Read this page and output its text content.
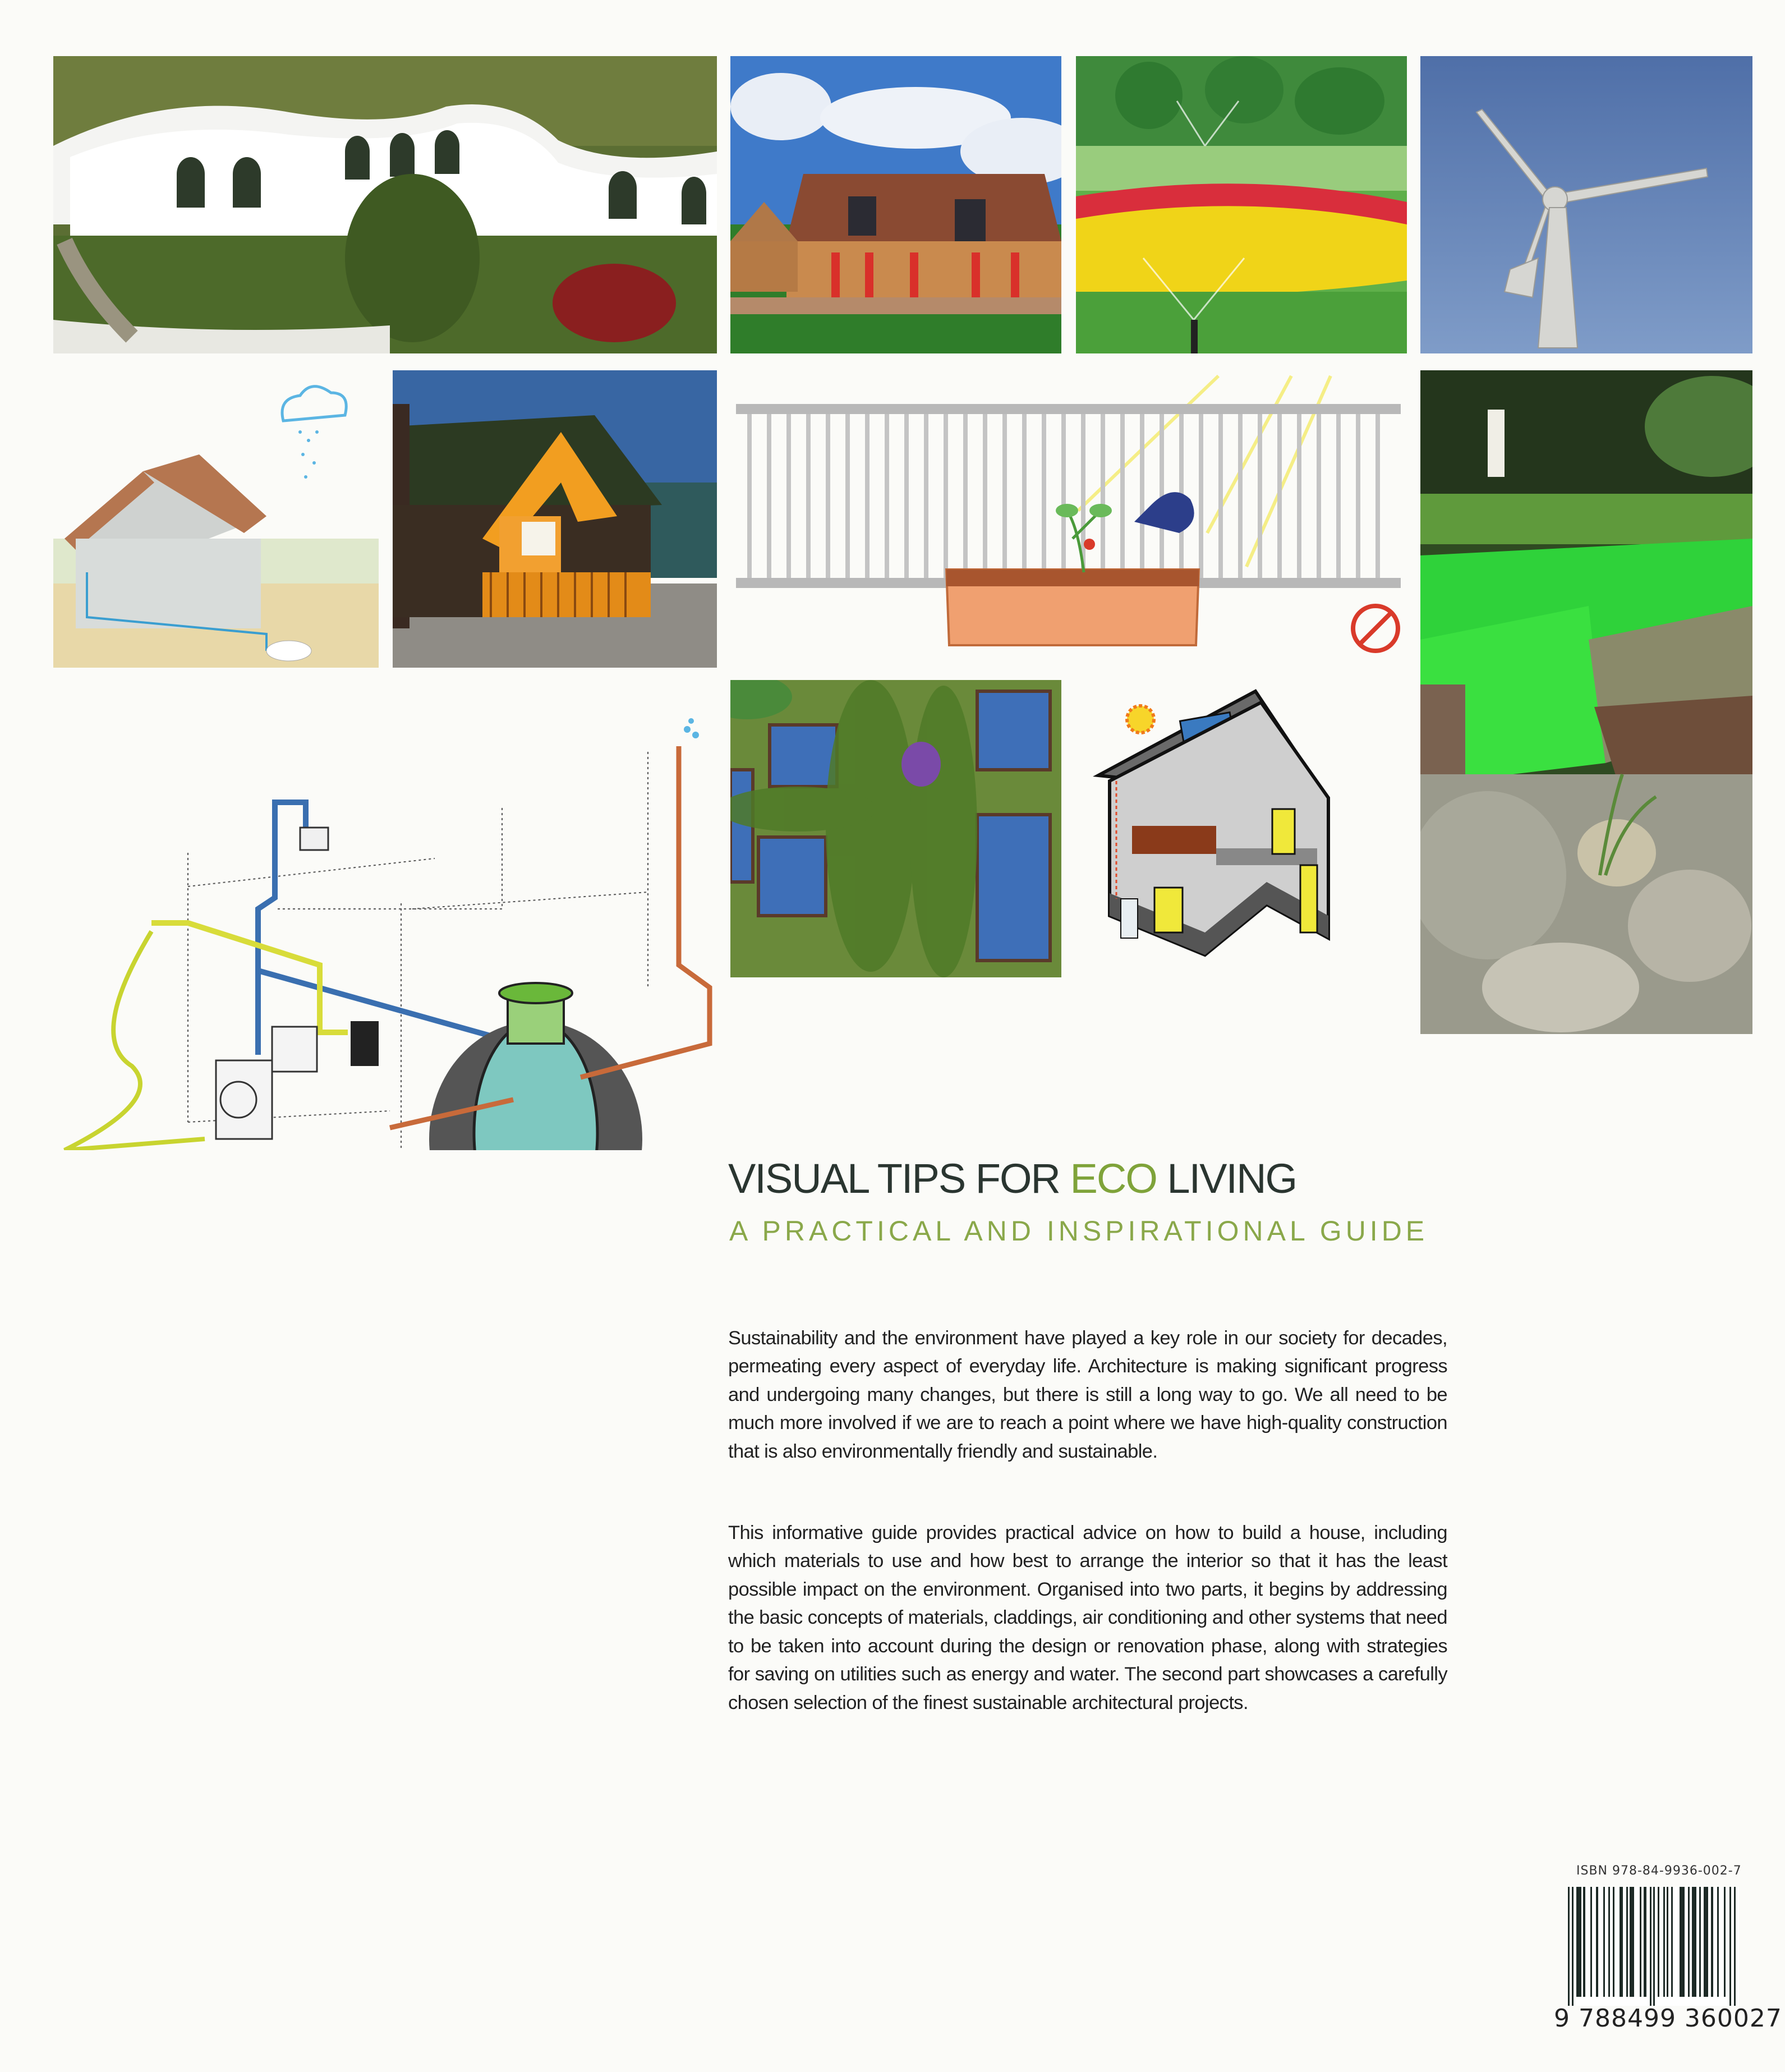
VISUAL TIPS FOR ECO LIVING
A PRACTICAL AND INSPIRATIONAL GUIDE

Sustainability and the environment have played a key role in our society for decades, permeating every aspect of everyday life. Architecture is making significant progress and undergoing many changes, but there is still a long way to go. We all need to be much more involved if we are to reach a point where we have high-quality construction that is also environmentally friendly and sustainable.

This informative guide provides practical advice on how to build a house, including which materials to use and how best to arrange the interior so that it has the least possible impact on the environment. Organised into two parts, it begins by addressing the basic concepts of materials, claddings, air conditioning and other systems that need to be taken into account during the design or renovation phase, along with strategies for saving on utilities such as energy and water. The second part showcases a carefully chosen selection of the finest sustainable architectural projects.

ISBN 978-84-9936-002-7
9 788499 360027
